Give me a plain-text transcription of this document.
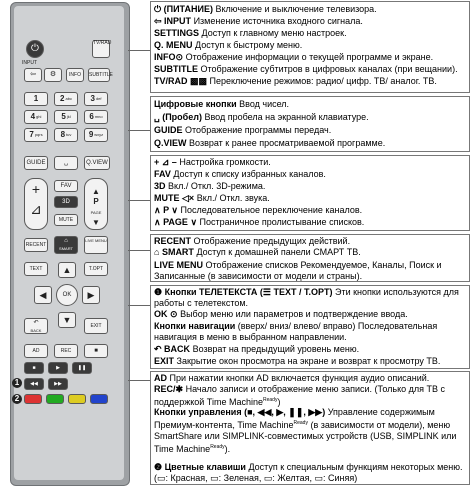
⏻
INPUT
TV/RAD
⇦	⚙	INFO	SUBTITLE
1	2 abc 3 def
4 ghi 5 jkl 6 mno
7 pqrs 8 tuv 9 wxyz
GUIDE	␣	Q.VIEW
+
⊿
FAV
3D
MUTE
▲
P
PAGE
▼
RECENT
⌂
SMART
LIVE MENU
TEXT	T.OPT
▲
◀	OK	▶
▼
↶
BACK
EXIT
AD	REC	■
■	▶	❚❚
◀◀	▶▶
1
2
⏻ (ПИТАНИЕ) Включение и выключение телевизора.
⇦ INPUT Изменение источника входного сигнала.
SETTINGS Доступ к главному меню настроек.
Q. MENU Доступ к быстрому меню.
INFO⊙ Отображение информации о текущей программе и экране.
SUBTITLE Отображение субтитров в цифровых каналах (при вещании).
TV/RAD ▩▩ Переключение режимов: радио/ цифр. ТВ/ аналог. ТВ.
Цифровые кнопки Ввод чисел.
␣ (Пробел) Ввод пробела на экранной клавиатуре.
GUIDE Отображение программы передач.
Q.VIEW Возврат к ранее просматриваемой программе.
+ ⊿ – Настройка громкости.
FAV Доступ к списку избранных каналов.
3D Вкл./ Откл. 3D-режима.
MUTE ◁× Вкл./ Откл. звука.
∧ P ∨ Последовательное переключение каналов.
∧ PAGE ∨ Постраничное пролистывание списков.
RECENT Отображение предыдущих действий.
⌂ SMART Доступ к домашней панели СМАРТ ТВ.
LIVE MENU Отображение списков Рекомендуемое, Каналы, Поиск и Записанные (в зависимости от модели и страны).
❶ Кнопки ТЕЛЕТЕКСТА (☰ TEXT / T.OPT) Эти кнопки используются для работы с телетекстом.
OK ⊙ Выбор меню или параметров и подтверждение ввода.
Кнопки навигации (вверх/ вниз/ влево/ вправо) Последовательная навигация в меню в выбранном направлении.
↶ BACK Возврат на предыдущий уровень меню.
EXIT Закрытие окон просмотра на экране и возврат к просмотру ТВ.
AD При нажатии кнопки AD включается функция аудио описаний.
REC/✱ Начало записи и отображение меню записи. (Только для ТВ с поддержкой Time Machine$^{Ready}$)
Кнопки управления (■, ◀◀, ▶, ❚❚, ▶▶) Управление содержимым Премиум-контента, Time Machine$^{Ready}$ (в зависимости от модели), меню SmartShare или SIMPLINK-совместимых устройств (USB, SIMPLINK или Time Machine$^{Ready}$).
❷ Цветные клавиши Доступ к специальным функциям некоторых меню. (▭: Красная, ▭: Зеленая, ▭: Желтая, ▭: Синяя)
